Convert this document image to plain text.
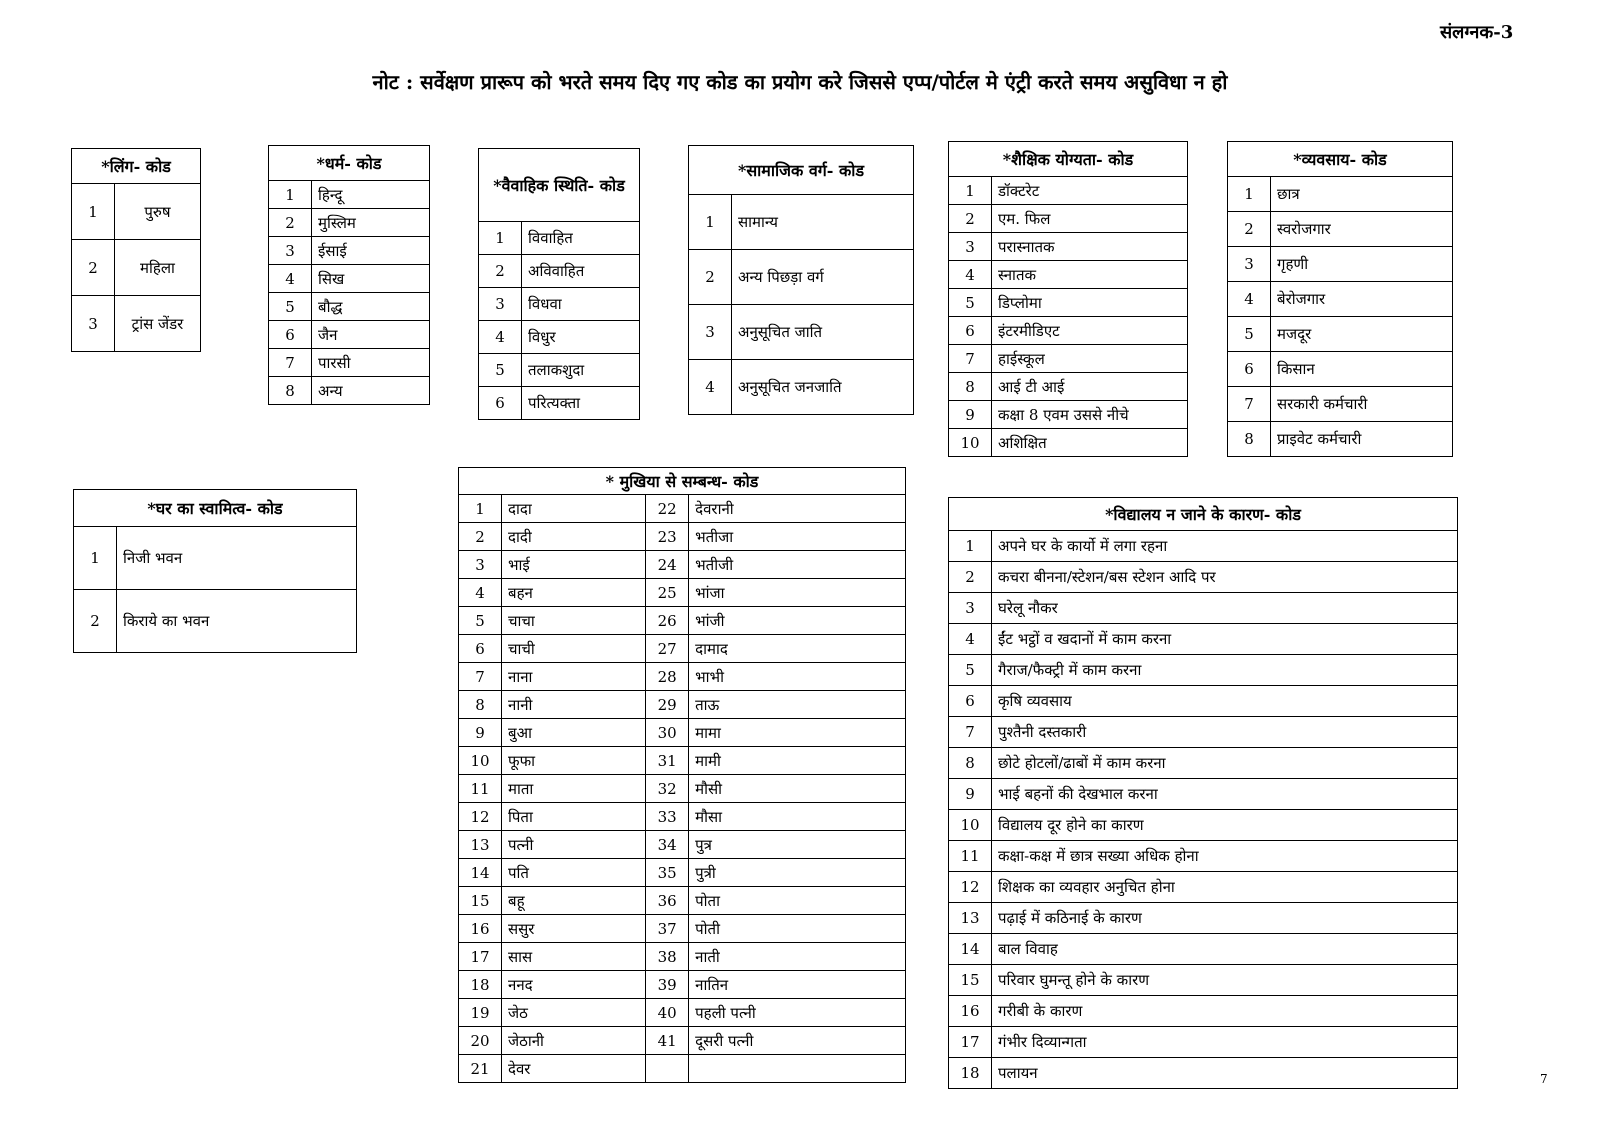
संलग्नक-3
नोट : सर्वेक्षण प्रारूप को भरते समय दिए गए कोड का प्रयोग करे जिससे एप्प/पोर्टल मे एंट्री करते समय असुविधा न हो
7
*लिंग- कोड	
1	पुरुष
2	महिला
3	ट्रांस जेंडर
*धर्म- कोड	
1	हिन्दू
2	मुस्लिम
3	ईसाई
4	सिख
5	बौद्ध
6	जैन
7	पारसी
8	अन्य
*वैवाहिक स्थिति- कोड	
1	विवाहित
2	अविवाहित
3	विधवा
4	विधुर
5	तलाकशुदा
6	परित्यक्ता
*सामाजिक वर्ग- कोड	
1	सामान्य
2	अन्य पिछड़ा वर्ग
3	अनुसूचित जाति
4	अनुसूचित जनजाति
*शैक्षिक योग्यता- कोड	
1	डॉक्टरेट
2	एम. फिल
3	परास्नातक
4	स्नातक
5	डिप्लोमा
6	इंटरमीडिएट
7	हाईस्कूल
8	आई टी आई
9	कक्षा 8 एवम उससे नीचे
10	अशिक्षित
*व्यवसाय- कोड	
1	छात्र
2	स्वरोजगार
3	गृहणी
4	बेरोजगार
5	मजदूर
6	किसान
7	सरकारी कर्मचारी
8	प्राइवेट कर्मचारी
*घर का स्वामित्व- कोड	
1	निजी भवन
2	किराये का भवन
* मुखिया से सम्बन्ध- कोड			
1	दादा	22	देवरानी
2	दादी	23	भतीजा
3	भाई	24	भतीजी
4	बहन	25	भांजा
5	चाचा	26	भांजी
6	चाची	27	दामाद
7	नाना	28	भाभी
8	नानी	29	ताऊ
9	बुआ	30	मामा
10	फूफा	31	मामी
11	माता	32	मौसी
12	पिता	33	मौसा
13	पत्नी	34	पुत्र
14	पति	35	पुत्री
15	बहू	36	पोता
16	ससुर	37	पोती
17	सास	38	नाती
18	ननद	39	नातिन
19	जेठ	40	पहली पत्नी
20	जेठानी	41	दूसरी पत्नी
21	देवर		
*विद्यालय न जाने के कारण- कोड	
1	अपने घर के कार्यो में लगा रहना
2	कचरा बीनना/स्टेशन/बस स्टेशन आदि पर
3	घरेलू नौकर
4	ईंट भट्ठों व खदानों में काम करना
5	गैराज/फैक्ट्री में काम करना
6	कृषि व्यवसाय
7	पुश्तैनी दस्तकारी
8	छोटे होटलों/ढाबों में काम करना
9	भाई बहनों की देखभाल करना
10	विद्यालय दूर होने का कारण
11	कक्षा-कक्ष में छात्र सख्या अधिक होना
12	शिक्षक का व्यवहार अनुचित होना
13	पढ़ाई में कठिनाई के कारण
14	बाल विवाह
15	परिवार घुमन्तू होने के कारण
16	गरीबी के कारण
17	गंभीर दिव्यान्गता
18	पलायन
